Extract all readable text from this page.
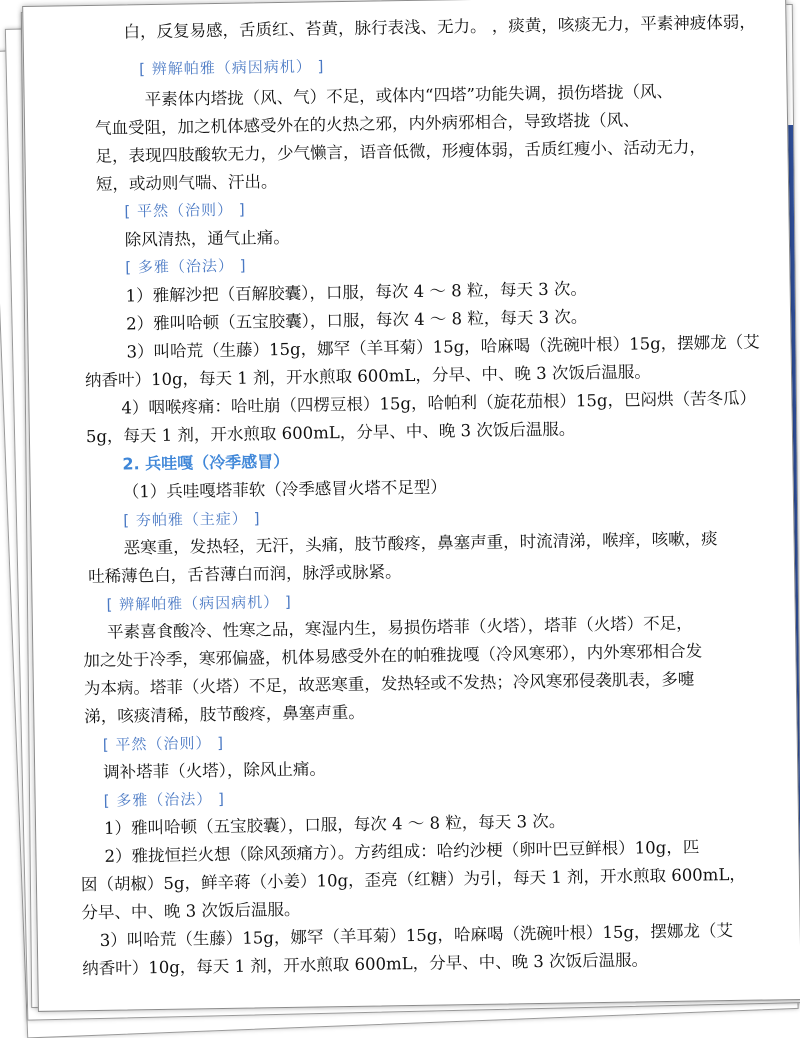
白，反复易感，舌质红、苔黄，脉行表浅、无力。 ，痰黄，咳痰无力，平素神疲体弱，
[ 辨解帕雅（病因病机） ]
平素体内塔拢（风、气）不足，或体内“四塔”功能失调，损伤塔拢（风、
气血受阻，加之机体感受外在的火热之邪，内外病邪相合，导致塔拢（风、
足，表现四肢酸软无力，少气懒言，语音低微，形瘦体弱，舌质红瘦小、活动无力，
短，或动则气喘、汗出。
[ 平然（治则） ]
除风清热，通气止痛。
[ 多雅（治法） ]
1）雅解沙把（百解胶囊），口服，每次 4 ～ 8 粒，每天 3 次。
2）雅叫哈顿（五宝胶囊），口服，每次 4 ～ 8 粒，每天 3 次。
3）叫哈荒（生藤）15g，娜罕（羊耳菊）15g，哈麻喝（洗碗叶根）15g，摆娜龙（艾
纳香叶）10g，每天 1 剂，开水煎取 600mL，分早、中、晚 3 次饭后温服。
4）咽喉疼痛：哈吐崩（四楞豆根）15g，哈帕利（旋花茄根）15g，巴闷烘（苦冬瓜）
5g，每天 1 剂，开水煎取 600mL，分早、中、晚 3 次饭后温服。
2. 兵哇嘎（冷季感冒）
（1）兵哇嘎塔菲软（冷季感冒火塔不足型）
[ 夯帕雅（主症） ]
恶寒重，发热轻，无汗，头痛，肢节酸疼，鼻塞声重，时流清涕，喉痒，咳嗽，痰
吐稀薄色白，舌苔薄白而润，脉浮或脉紧。
[ 辨解帕雅（病因病机） ]
平素喜食酸冷、性寒之品，寒湿内生，易损伤塔菲（火塔），塔菲（火塔）不足，
加之处于冷季，寒邪偏盛，机体易感受外在的帕雅拢嘎（冷风寒邪），内外寒邪相合发
为本病。塔菲（火塔）不足，故恶寒重，发热轻或不发热；冷风寒邪侵袭肌表，多嚏
涕，咳痰清稀，肢节酸疼，鼻塞声重。
[ 平然（治则） ]
调补塔菲（火塔），除风止痛。
[ 多雅（治法） ]
1）雅叫哈顿（五宝胶囊），口服，每次 4 ～ 8 粒，每天 3 次。
2）雅拢恒拦火想（除风颈痛方）。方药组成：哈约沙梗（卵叶巴豆鲜根）10g，匹
囡（胡椒）5g，鲜辛蒋（小姜）10g，歪亮（红糖）为引，每天 1 剂，开水煎取 600mL，
分早、中、晚 3 次饭后温服。
3）叫哈荒（生藤）15g，娜罕（羊耳菊）15g，哈麻喝（洗碗叶根）15g，摆娜龙（艾
纳香叶）10g，每天 1 剂，开水煎取 600mL，分早、中、晚 3 次饭后温服。
